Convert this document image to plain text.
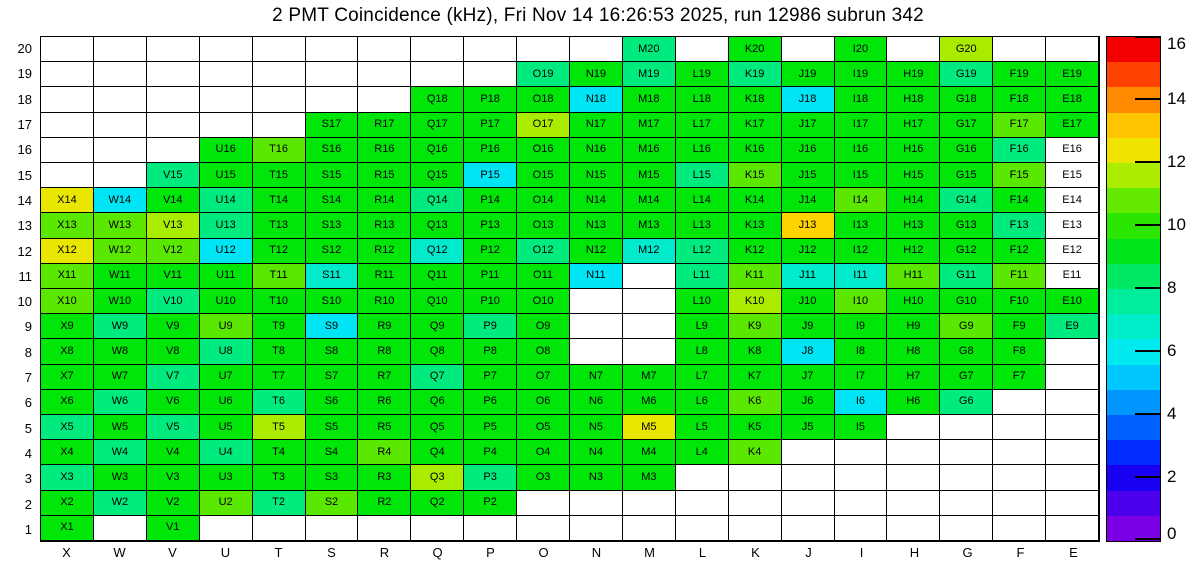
2 PMT Coincidence (kHz), Fri Nov 14 16:26:53 2025, run 12986 subrun 342
20
19
18
17
16
15
14
13
12
11
10
9
8
7
6
5
4
3
2
1
M20	K20	I20	G20
O19	N19	M19	L19	K19	J19	I19	H19	G19	F19	E19
Q18	P18	O18	N18	M18	L18	K18	J18	I18	H18	G18	F18	E18
S17	R17	Q17	P17	O17	N17	M17	L17	K17	J17	I17	H17	G17	F17	E17
U16	T16	S16	R16	Q16	P16	O16	N16	M16	L16	K16	J16	I16	H16	G16	F16	E16
V15	U15	T15	S15	R15	Q15	P15	O15	N15	M15	L15	K15	J15	I15	H15	G15	F15	E15
X14	W14	V14	U14	T14	S14	R14	Q14	P14	O14	N14	M14	L14	K14	J14	I14	H14	G14	F14	E14
X13	W13	V13	U13	T13	S13	R13	Q13	P13	O13	N13	M13	L13	K13	J13	I13	H13	G13	F13	E13
X12	W12	V12	U12	T12	S12	R12	Q12	P12	O12	N12	M12	L12	K12	J12	I12	H12	G12	F12	E12
X11	W11	V11	U11	T11	S11	R11	Q11	P11	O11	N11	L11	K11	J11	I11	H11	G11	F11	E11
X10	W10	V10	U10	T10	S10	R10	Q10	P10	O10	L10	K10	J10	I10	H10	G10	F10	E10
X9	W9	V9	U9	T9	S9	R9	Q9	P9	O9	L9	K9	J9	I9	H9	G9	F9	E9
X8	W8	V8	U8	T8	S8	R8	Q8	P8	O8	L8	K8	J8	I8	H8	G8	F8
X7	W7	V7	U7	T7	S7	R7	Q7	P7	O7	N7	M7	L7	K7	J7	I7	H7	G7	F7
X6	W6	V6	U6	T6	S6	R6	Q6	P6	O6	N6	M6	L6	K6	J6	I6	H6	G6
X5	W5	V5	U5	T5	S5	R5	Q5	P5	O5	N5	M5	L5	K5	J5	I5
X4	W4	V4	U4	T4	S4	R4	Q4	P4	O4	N4	M4	L4	K4
X3	W3	V3	U3	T3	S3	R3	Q3	P3	O3	N3	M3
X2	W2	V2	U2	T2	S2	R2	Q2	P2
X1	V1
X	W	V	U	T	S	R	Q	P	O	N	M	L	K	J	I	H	G	F	E
16
14
12
10
8
6
4
2
0
